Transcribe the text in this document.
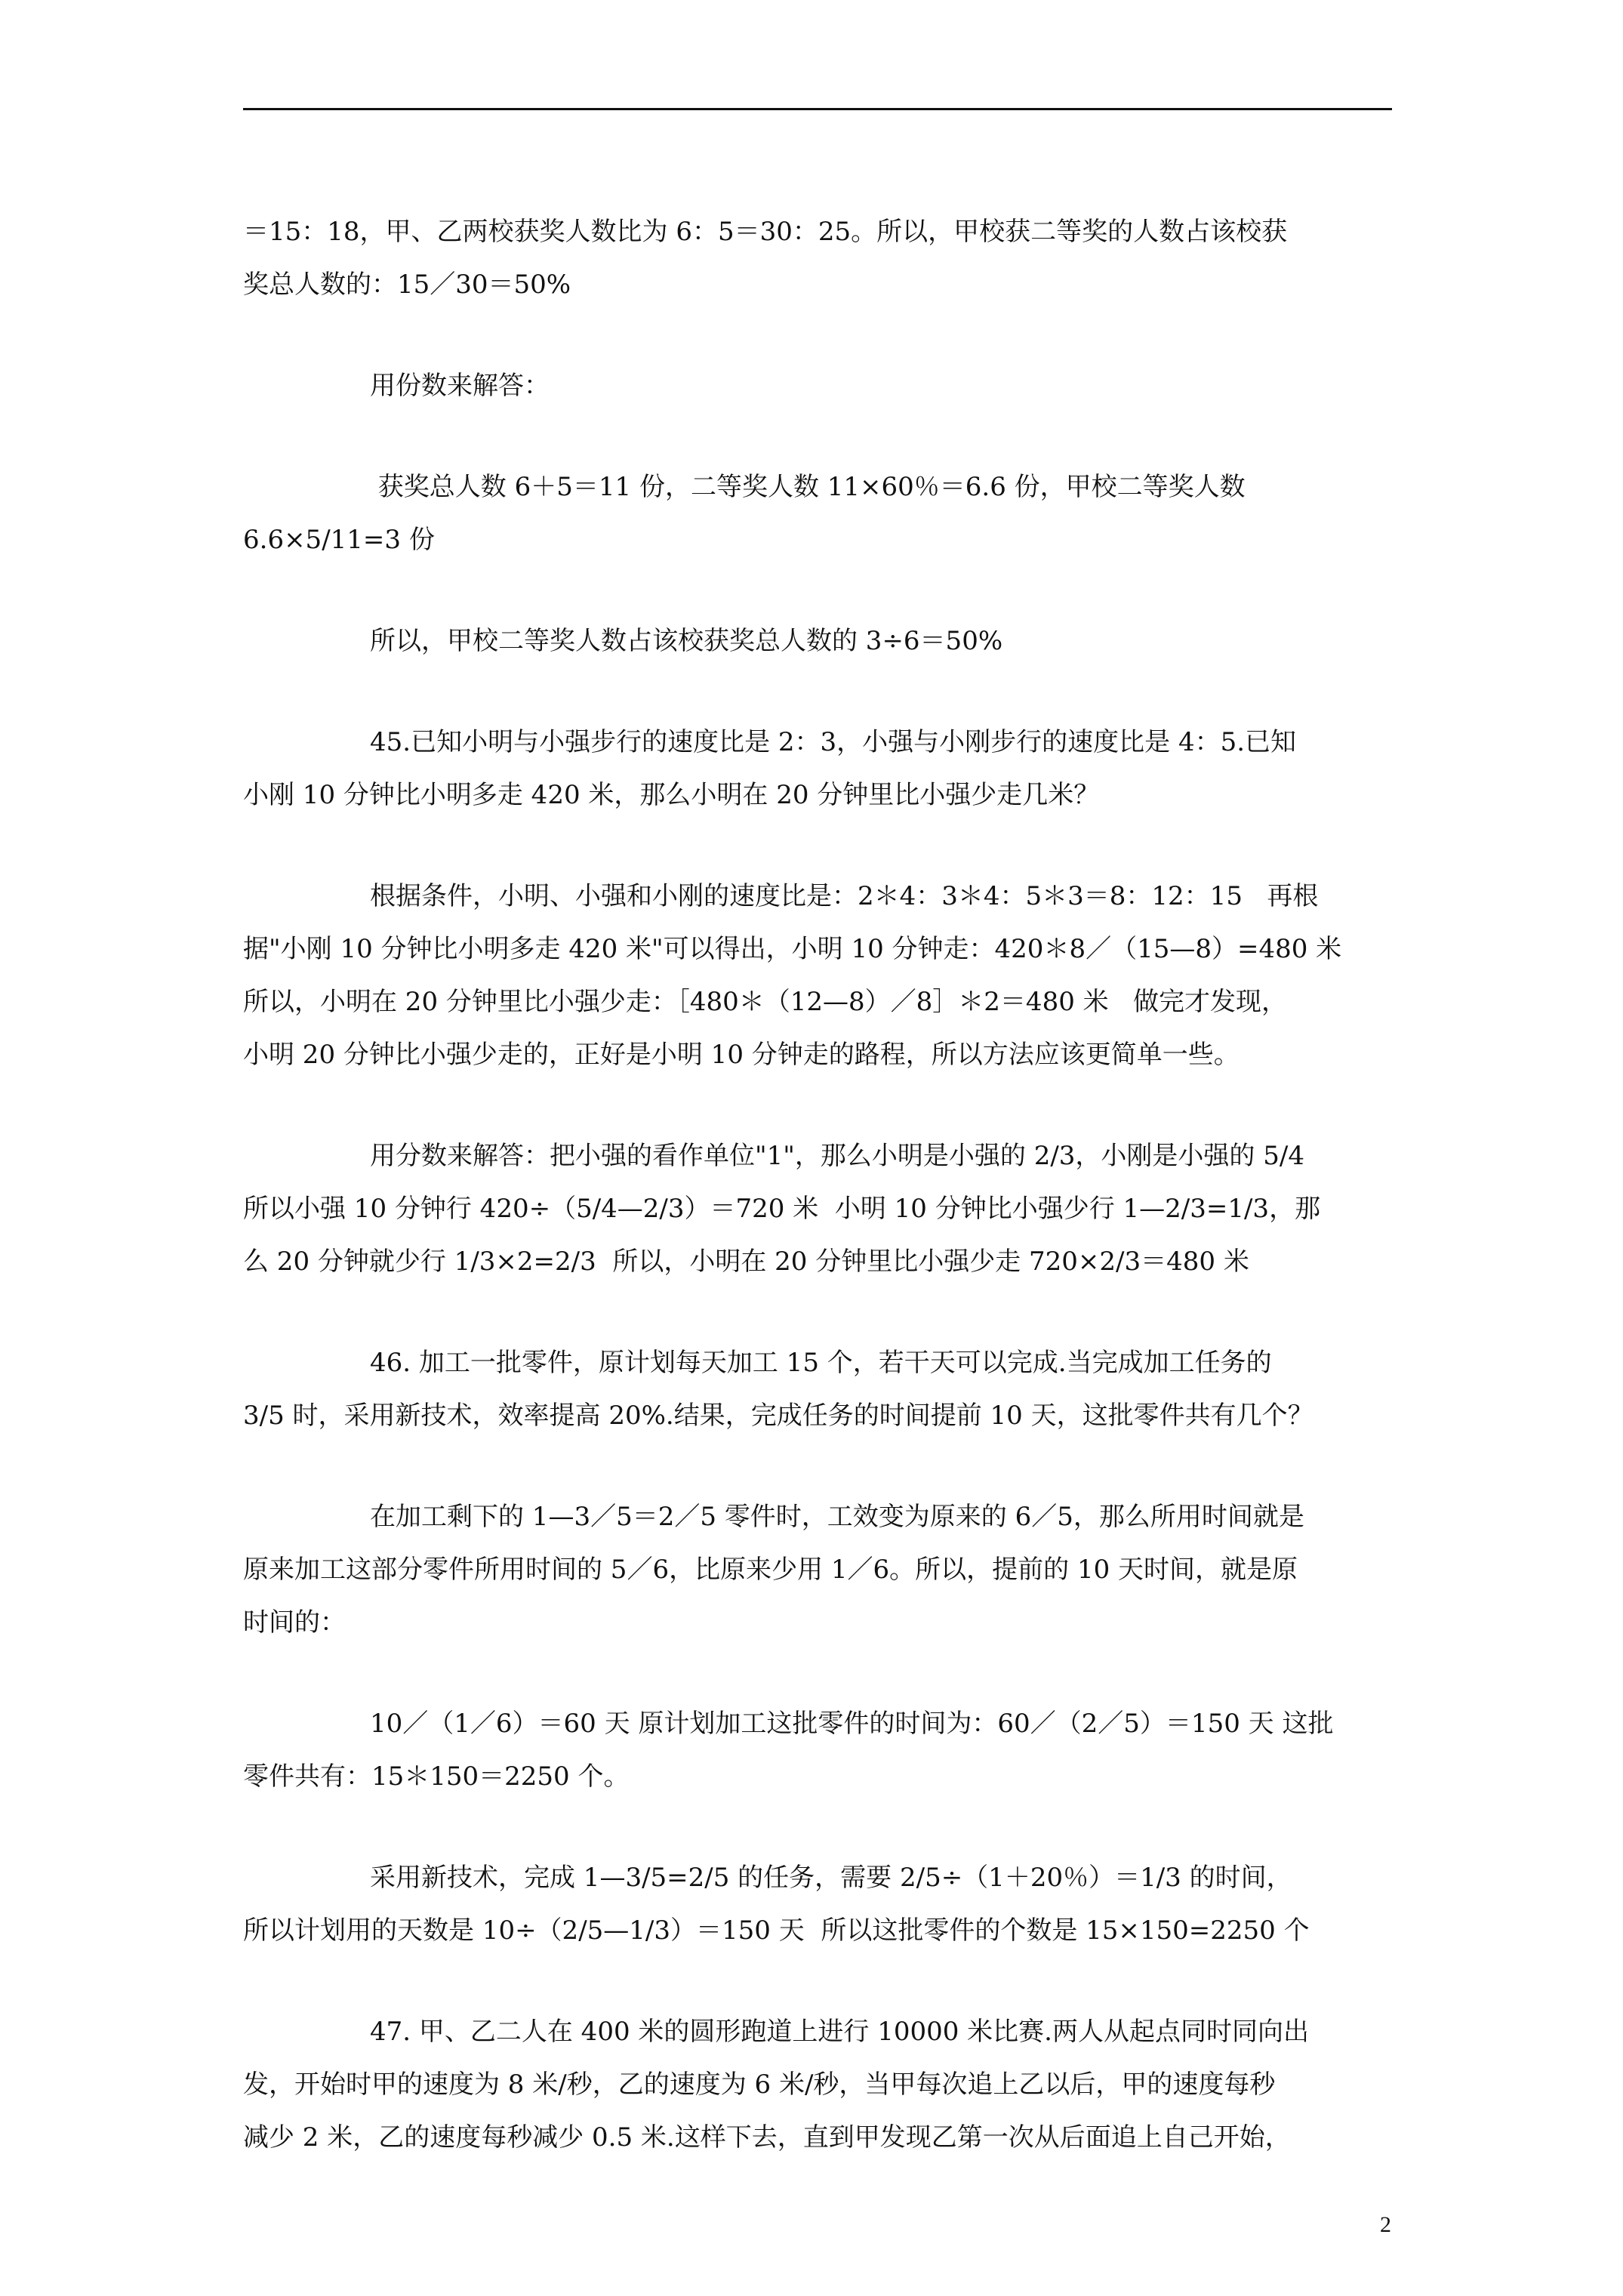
＝15：18，甲、乙两校获奖人数比为 6：5＝30：25。所以，甲校获二等奖的人数占该校获
奖总人数的：15／30＝50%
用份数来解答：
获奖总人数 6＋5＝11 份，二等奖人数 11×60％＝6.6 份，甲校二等奖人数
6.6×5/11=3 份
所以，甲校二等奖人数占该校获奖总人数的 3÷6＝50%
45.已知小明与小强步行的速度比是 2：3，小强与小刚步行的速度比是 4：5.已知
小刚 10 分钟比小明多走 420 米，那么小明在 20 分钟里比小强少走几米？
根据条件，小明、小强和小刚的速度比是：2＊4：3＊4：5＊3＝8：12：15   再根
据"小刚 10 分钟比小明多走 420 米"可以得出，小明 10 分钟走：420＊8／（15—8）=480 米
所以，小明在 20 分钟里比小强少走：［480＊（12—8）／8］＊2＝480 米   做完才发现，
小明 20 分钟比小强少走的，正好是小明 10 分钟走的路程，所以方法应该更简单一些。
用分数来解答：把小强的看作单位"1"，那么小明是小强的 2/3，小刚是小强的 5/4
所以小强 10 分钟行 420÷（5/4—2/3）＝720 米  小明 10 分钟比小强少行 1—2/3=1/3，那
么 20 分钟就少行 1/3×2=2/3  所以，小明在 20 分钟里比小强少走 720×2/3＝480 米
46. 加工一批零件，原计划每天加工 15 个，若干天可以完成.当完成加工任务的
3/5 时，采用新技术，效率提高 20%.结果，完成任务的时间提前 10 天，这批零件共有几个？
在加工剩下的 1—3／5＝2／5 零件时，工效变为原来的 6／5，那么所用时间就是
原来加工这部分零件所用时间的 5／6，比原来少用 1／6。所以，提前的 10 天时间，就是原
时间的：
10／（1／6）＝60 天 原计划加工这批零件的时间为：60／（2／5）＝150 天 这批
零件共有：15＊150＝2250 个。
采用新技术，完成 1—3/5=2/5 的任务，需要 2/5÷（1＋20％）＝1/3 的时间，
所以计划用的天数是 10÷（2/5—1/3）＝150 天  所以这批零件的个数是 15×150=2250 个
47. 甲、乙二人在 400 米的圆形跑道上进行 10000 米比赛.两人从起点同时同向出
发，开始时甲的速度为 8 米/秒，乙的速度为 6 米/秒，当甲每次追上乙以后，甲的速度每秒
减少 2 米，乙的速度每秒减少 0.5 米.这样下去，直到甲发现乙第一次从后面追上自己开始，
2
